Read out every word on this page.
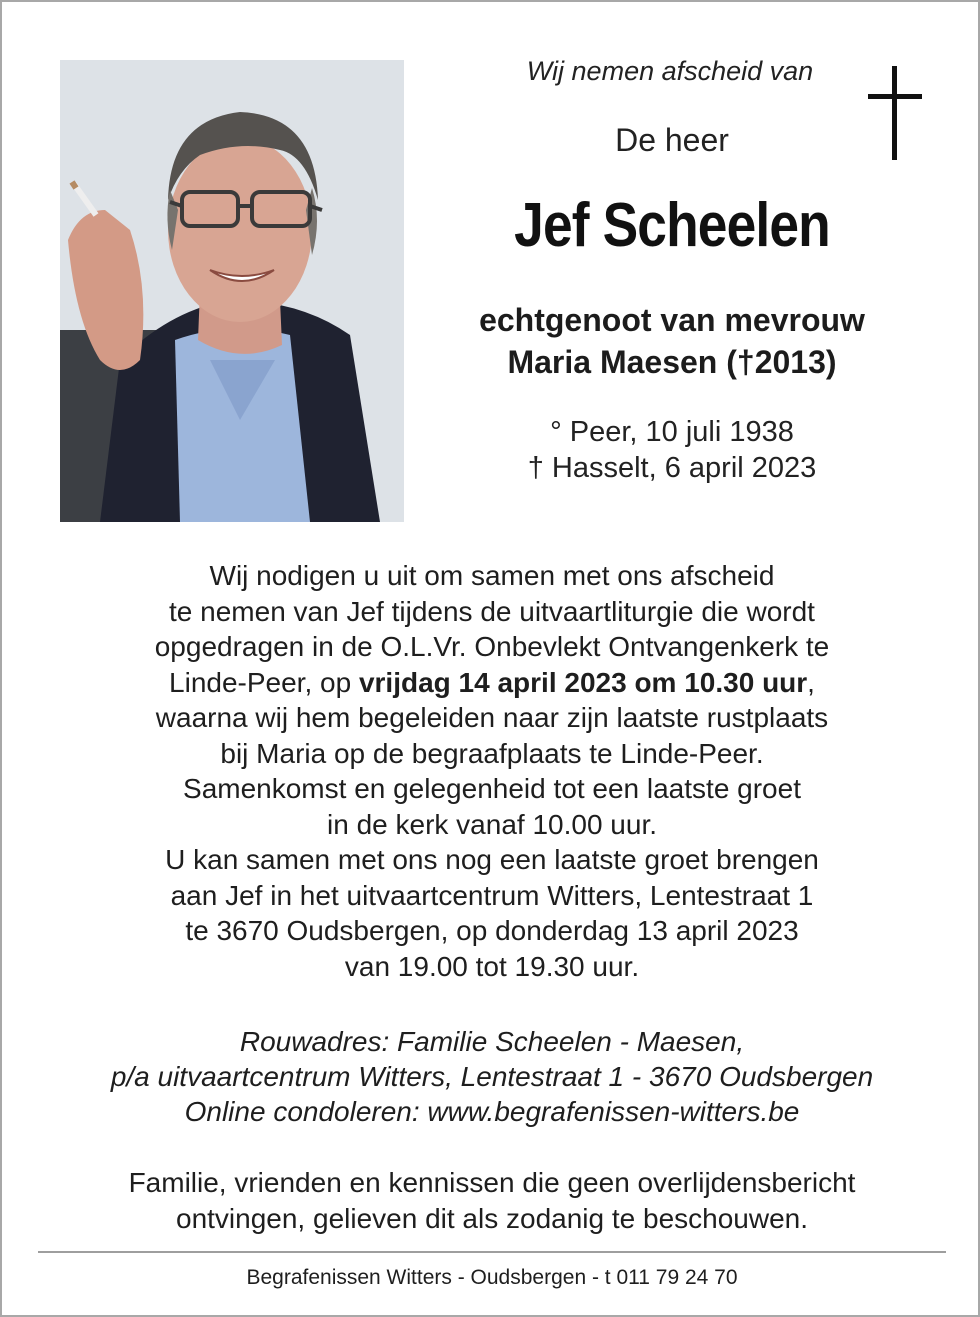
Wij nemen afscheid van
De heer
Jef Scheelen
echtgenoot van mevrouw
Maria Maesen (†2013)
° Peer, 10 juli 1938
† Hasselt, 6 april 2023
Wij nodigen u uit om samen met ons afscheid
te nemen van Jef tijdens de uitvaartliturgie die wordt
opgedragen in de O.L.Vr. Onbevlekt Ontvangenkerk te
Linde-Peer, op vrijdag 14 april 2023 om 10.30 uur,
waarna wij hem begeleiden naar zijn laatste rustplaats
bij Maria op de begraafplaats te Linde-Peer.
Samenkomst en gelegenheid tot een laatste groet
in de kerk vanaf 10.00 uur.
U kan samen met ons nog een laatste groet brengen
aan Jef in het uitvaartcentrum Witters, Lentestraat 1
te 3670 Oudsbergen, op donderdag 13 april 2023
van 19.00 tot 19.30 uur.
Rouwadres: Familie Scheelen - Maesen,
p/a uitvaartcentrum Witters, Lentestraat 1 - 3670 Oudsbergen
Online condoleren: www.begrafenissen-witters.be
Familie, vrienden en kennissen die geen overlijdensbericht
ontvingen, gelieven dit als zodanig te beschouwen.
Begrafenissen Witters - Oudsbergen - t 011 79 24 70
